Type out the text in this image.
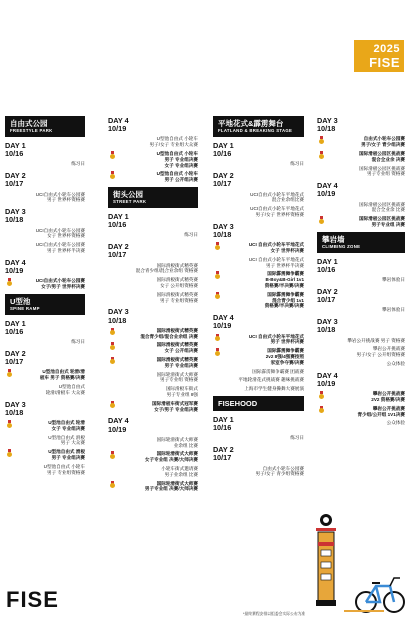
2025
FISE
自由式公园
FREESTYLE PARK
DAY 1
10/16
练习日
DAY 2
10/17
UCI自由式小轮车公园赛
男子 世界杯资格赛
DAY 3
10/18
UCI自由式小轮车公园赛
女子 世界杯资格赛
UCI自由式小轮车公园赛
男子 世界杯半决赛
DAY 4
10/19
UCI自由式小轮车公园赛
女子/男子 世界杯决赛
U型池
SPINE RAMP
DAY 1
10/16
练习日
DAY 2
10/17
U型池自由式 轮滑/滑
板车 男子 资格赛/决赛
U型池自由式
轮滑/滑板车 大众赛
DAY 3
10/18
U型池自由式 轮滑
女子 专业组决赛
U型池自由式 滑板
男子 大众赛
U型池自由式 滑板
男子 专业组决赛
U型池自由式 小轮车
男子 专业组资格赛
DAY 4
10/19
U型池自由式 小轮车
男子/女子 专业组大众赛
U型池自由式 小轮车
男子 专业组决赛
女子 专业组决赛
U型池自由式 小轮车
男子 公开组决赛
街头公园
STREET PARK
DAY 1
10/16
练习日
DAY 2
10/17
国际滑板街式精英赛
混合青少组/混合业余组 资格赛
国际滑板街式精英赛
女子 公开组资格赛
国际滑板街式精英赛
男子 专业组资格赛
DAY 3
10/18
国际滑板街式精英赛
混合青少组/混合业余组 决赛
国际滑板街式精英赛
女子 公开组决赛
国际滑板街式精英赛
男子 专业组决赛
国际轮滑街式大师赛
男子专业组 资格赛
国际滑板车街式
男子专业组 8强
国际滑板车街式冠军赛
女子/男子 专业组决赛
DAY 4
10/19
国际轮滑街式大师赛
业余组 比赛
国际轮滑街式大师赛
女子专业组 决赛/大师决赛
小轮车街式邀请赛
男子业余组 比赛
国际轮滑街式大师赛
男子专业组 决赛/大师决赛
平地花式&霹雳舞台
FLATLAND & BREAKING STAGE
DAY 1
10/16
练习日
DAY 2
10/17
UCI自由式小轮车平地花式
混合业余组比赛
UCI自由式小轮车平地花式
男子/女子 世界杯资格赛
DAY 3
10/18
UCI 自由式小轮车平地花式
女子 世界杯决赛
UCI 自由式小轮车平地花式
男子 世界杯半决赛
国际霹雳舞争霸赛
B-Boy&B-Girl 1v1
资格赛/半决赛/决赛
国际霹雳舞争霸赛
混合青少组 1v1
资格赛/半决赛/决赛
DAY 4
10/19
UCI 自由式小轮车平地花式
男子 世界杯决赛
国际霹雳舞争霸赛
2v2 8强/4强赛按照
家室争夺赛/决赛
国际霹雳舞争霸赛 团战赛
平地轮滑花式挑战赛 趣味挑战赛
上海市学生健身操舞大赛展演
FISEHOOD
DAY 1
10/16
练习日
DAY 2
10/17
自由式小轮车公园赛
男子/女子 青少组资格赛
DAY 3
10/18
自由式小轮车公园赛
男子/女子 青少组决赛
国际滑板公园区挑战赛
混合全业余 决赛
国际滑板公园区挑战赛
男子专业组 资格赛
DAY 4
10/19
国际滑板公园区挑战赛
混合全业余 比赛
国际滑板公园区挑战赛
男子专业组 决赛
攀岩墙
CLIMBING ZONE
DAY 1
10/16
攀岩体验日
DAY 2
10/17
攀岩体验日
DAY 3
10/18
攀岩公开挑战赛 男子 资格赛
攀岩公开挑战赛
男子/女子 公开组资格赛
公众体验
DAY 4
10/19
攀岩公开挑战赛
2V2 资格赛/决赛
攀岩公开挑战赛
青少组/公开组 1V1决赛
公众体验
FISE
*最终赛程安排以组委会实际公布为准
